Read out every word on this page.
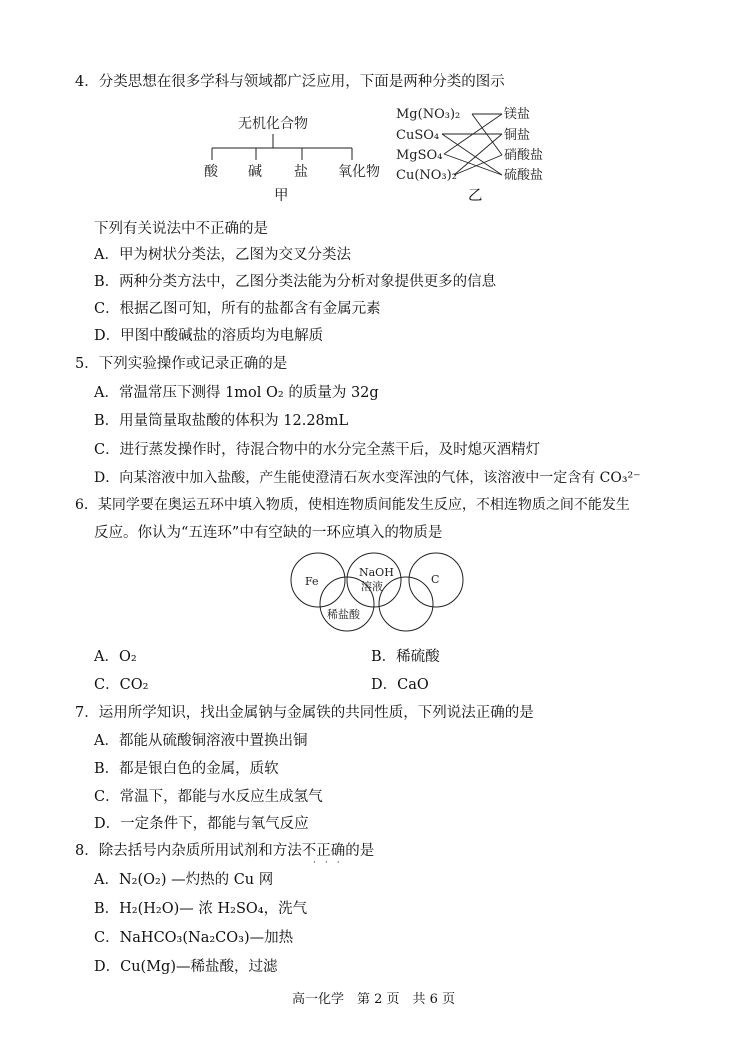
4．分类思想在很多学科与领域都广泛应用，下面是两种分类的图示
无机化合物
酸 碱 盐 氧化物
甲
Mg(NO₃)₂
CuSO₄
MgSO₄
Cu(NO₃)₂
镁盐
铜盐
硝酸盐
硫酸盐
乙
下列有关说法中不正确的是
A．甲为树状分类法，乙图为交叉分类法
B．两种分类方法中，乙图分类法能为分析对象提供更多的信息
C．根据乙图可知，所有的盐都含有金属元素
D．甲图中酸碱盐的溶质均为电解质
5．下列实验操作或记录正确的是
A．常温常压下测得 1mol O₂ 的质量为 32g
B．用量筒量取盐酸的体积为 12.28mL
C．进行蒸发操作时，待混合物中的水分完全蒸干后，及时熄灭酒精灯
D．向某溶液中加入盐酸，产生能使澄清石灰水变浑浊的气体，该溶液中一定含有 CO₃²⁻
6．某同学要在奥运五环中填入物质，使相连物质间能发生反应，不相连物质之间不能发生
反应。你认为“五连环”中有空缺的一环应填入的物质是
Fe
NaOH
溶液
C
稀盐酸
A．O₂	B．稀硫酸
C．CO₂	D．CaO
7．运用所学知识，找出金属钠与金属铁的共同性质，下列说法正确的是
A．都能从硫酸铜溶液中置换出铜
B．都是银白色的金属，质软
C．常温下，都能与水反应生成氢气
D．一定条件下，都能与氧气反应
8．除去括号内杂质所用试剂和方法不正确的是
···
A．N₂(O₂) —灼热的 Cu 网
B．H₂(H₂O)— 浓 H₂SO₄，洗气
C．NaHCO₃(Na₂CO₃)—加热
D．Cu(Mg)—稀盐酸，过滤
高一化学　第 2 页　共 6 页
